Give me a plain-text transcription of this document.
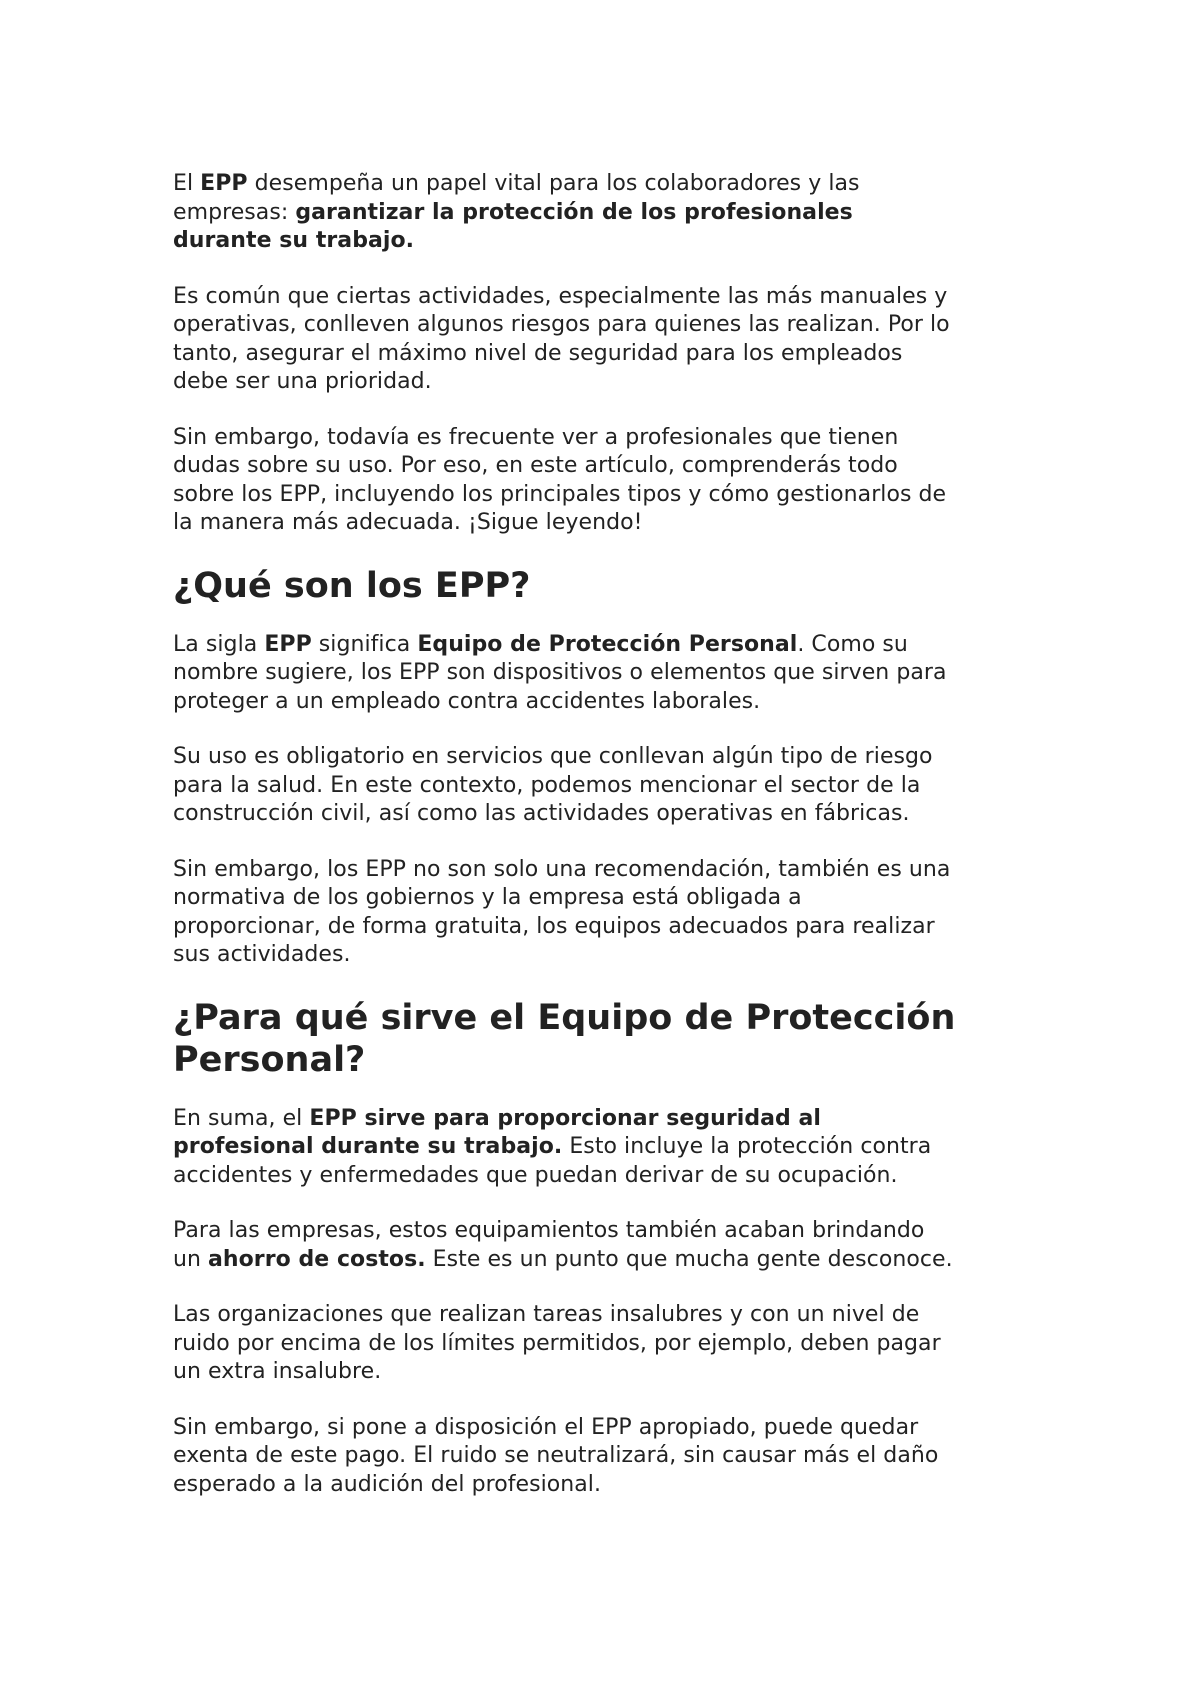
El EPP desempeña un papel vital para los colaboradores y las
empresas: garantizar la protección de los profesionales
durante su trabajo.

Es común que ciertas actividades, especialmente las más manuales y
operativas, conlleven algunos riesgos para quienes las realizan. Por lo
tanto, asegurar el máximo nivel de seguridad para los empleados
debe ser una prioridad.

Sin embargo, todavía es frecuente ver a profesionales que tienen
dudas sobre su uso. Por eso, en este artículo, comprenderás todo
sobre los EPP, incluyendo los principales tipos y cómo gestionarlos de
la manera más adecuada. ¡Sigue leyendo!

¿Qué son los EPP?

La sigla EPP significa Equipo de Protección Personal. Como su
nombre sugiere, los EPP son dispositivos o elementos que sirven para
proteger a un empleado contra accidentes laborales.

Su uso es obligatorio en servicios que conllevan algún tipo de riesgo
para la salud. En este contexto, podemos mencionar el sector de la
construcción civil, así como las actividades operativas en fábricas.

Sin embargo, los EPP no son solo una recomendación, también es una
normativa de los gobiernos y la empresa está obligada a
proporcionar, de forma gratuita, los equipos adecuados para realizar
sus actividades.

¿Para qué sirve el Equipo de Protección
Personal?

En suma, el EPP sirve para proporcionar seguridad al
profesional durante su trabajo. Esto incluye la protección contra
accidentes y enfermedades que puedan derivar de su ocupación.

Para las empresas, estos equipamientos también acaban brindando
un ahorro de costos. Este es un punto que mucha gente desconoce.

Las organizaciones que realizan tareas insalubres y con un nivel de
ruido por encima de los límites permitidos, por ejemplo, deben pagar
un extra insalubre.

Sin embargo, si pone a disposición el EPP apropiado, puede quedar
exenta de este pago. El ruido se neutralizará, sin causar más el daño
esperado a la audición del profesional.
